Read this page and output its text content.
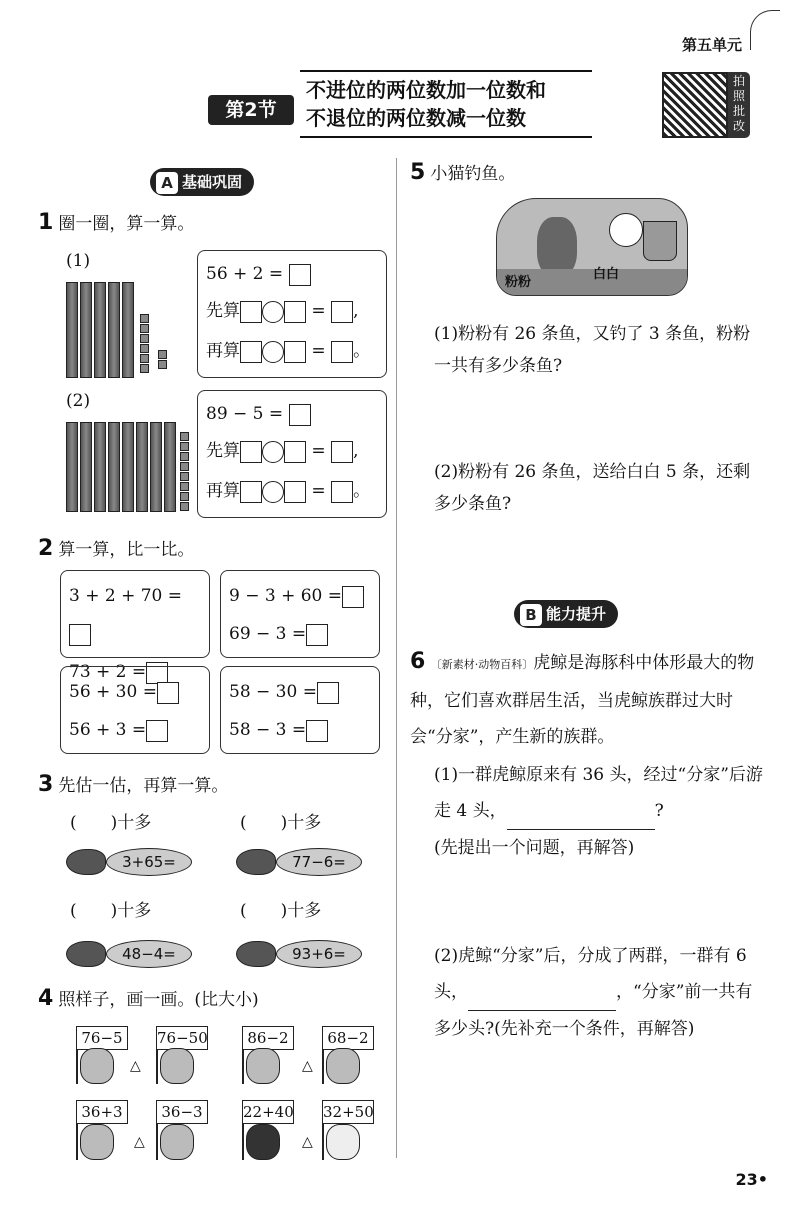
第五单元
第2节
不进位的两位数加一位数和
不退位的两位数减一位数
拍
照
批
改
A 基础巩固
1 圈一圈，算一算。
(1)
56 + 2 =
先算	= ,
再算	= 。
(2)
89 − 5 =
先算	= ,
再算	= 。
2 算一算，比一比。
3 + 2 + 70 =
73 + 2 =
9 − 3 + 60 =
69 − 3 =
56 + 30 =
56 + 3 =
58 − 30 =
58 − 3 =
3 先估一估，再算一算。
(　　)十多	(　　)十多
3+65=	77−6=
(　　)十多	(　　)十多
48−4=	93+6=
4 照样子，画一画。(比大小)
76−5
△
76−50	86−2
△
68−2
36+3
△
36−3	22+40
△
32+50
5 小猫钓鱼。
粉粉
白白
(1)粉粉有 26 条鱼，又钓了 3 条鱼，粉粉一共有多少条鱼?
(2)粉粉有 26 条鱼，送给白白 5 条，还剩多少条鱼?
B 能力提升
6 〔新素材·动物百科〕虎鲸是海豚科中体形最大的物种，它们喜欢群居生活，当虎鲸族群过大时会“分家”，产生新的族群。
(1)一群虎鲸原来有 36 头，经过“分家”后游走 4 头，	?
(先提出一个问题，再解答)
(2)虎鲸“分家”后，分成了两群，一群有 6 头，	，“分家”前一共有多少头?(先补充一个条件，再解答)
23•
